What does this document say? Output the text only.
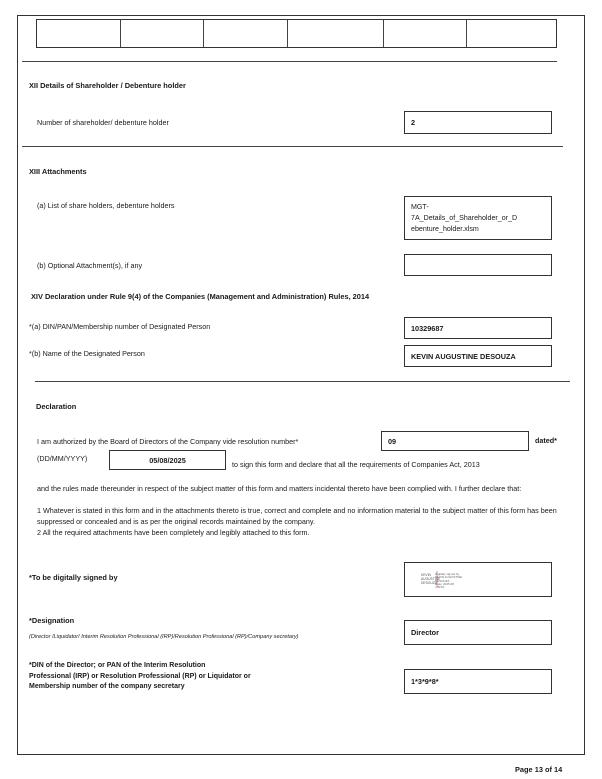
XII Details of Shareholder / Debenture holder
Number of shareholder/ debenture holder	2
XIII Attachments
(a) List of share holders, debenture holders	MGT-
7A_Details_of_Shareholder_or_D
ebenture_holder.xlsm
(b) Optional Attachment(s), if any
XIV Declaration under Rule 9(4) of the Companies (Management and Administration) Rules, 2014
*(a) DIN/PAN/Membership number of Designated Person	10329687
*(b) Name of the Designated Person	KEVIN AUGUSTINE DESOUZA
Declaration
I am authorized by the Board of Directors of the Company vide resolution number*	09	dated*
(DD/MM/YYYY)	05/08/2025	to sign this form and declare that all the requirements of Companies Act, 2013
and the rules made thereunder in respect of the subject matter of this form and matters incidental thereto have been complied with. I further declare that:
1 Whatever is stated in this form and in the attachments thereto is true, correct and complete and no information material to the subject matter of this form has been suppressed or concealed and is as per the original records maintained by the company.
2 All the required attachments have been completely and legibly attached to this form.
*To be digitally signed by	KEVIN
AUGUSTINE
DESOUZA
Digitally signed by
KEVIN AUGUSTINE
DESOUZA
Date: 2025.08
+05'30'
*Designation
(Director /Liquidator/ Interim Resolution Professional (IRP)/Resolution Professional (RP)/Company secretary)	Director
*DIN of the Director; or PAN of the Interim Resolution
Professional (IRP) or Resolution Professional (RP) or Liquidator or
Membership number of the company secretary
1*3*9*8*
Page 13 of 14
